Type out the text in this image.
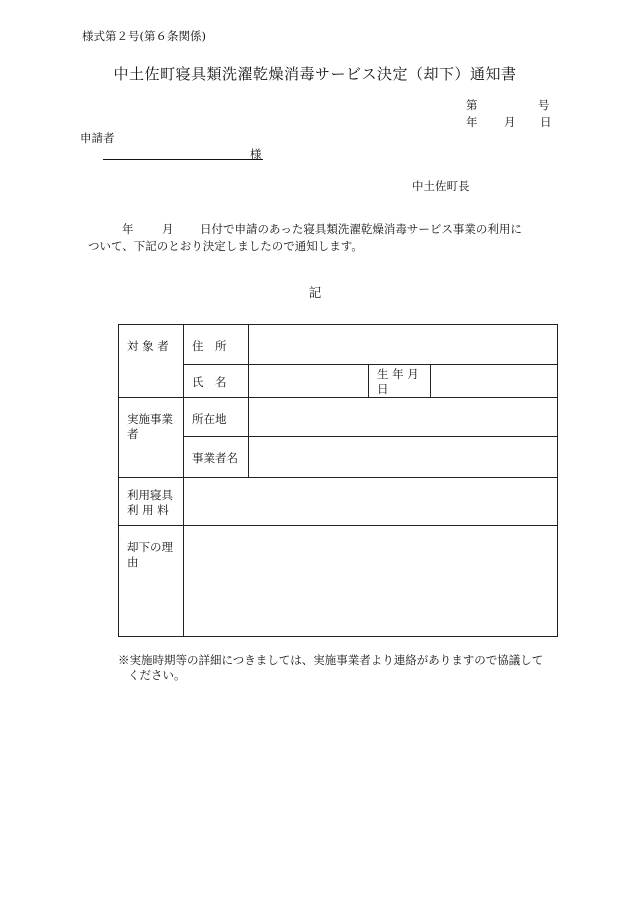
様式第２号(第６条関係)
中土佐町寝具類洗濯乾燥消毒サービス決定（却下）通知書
第	号
年 月 日
申請者
様
中土佐町長
年 月 日付で申請のあった寝具類洗濯乾燥消毒サービス事業の利用に
ついて、下記のとおり決定しましたので通知します。
記
対 象 者	住　所			
	氏　名		生 年 月 日	
実施事業者	所在地			
	事業者名			

利用寝具
利 用 料				

却下の理由				
※実施時期等の詳細につきましては、実施事業者より連絡がありますので協議して
ください。
